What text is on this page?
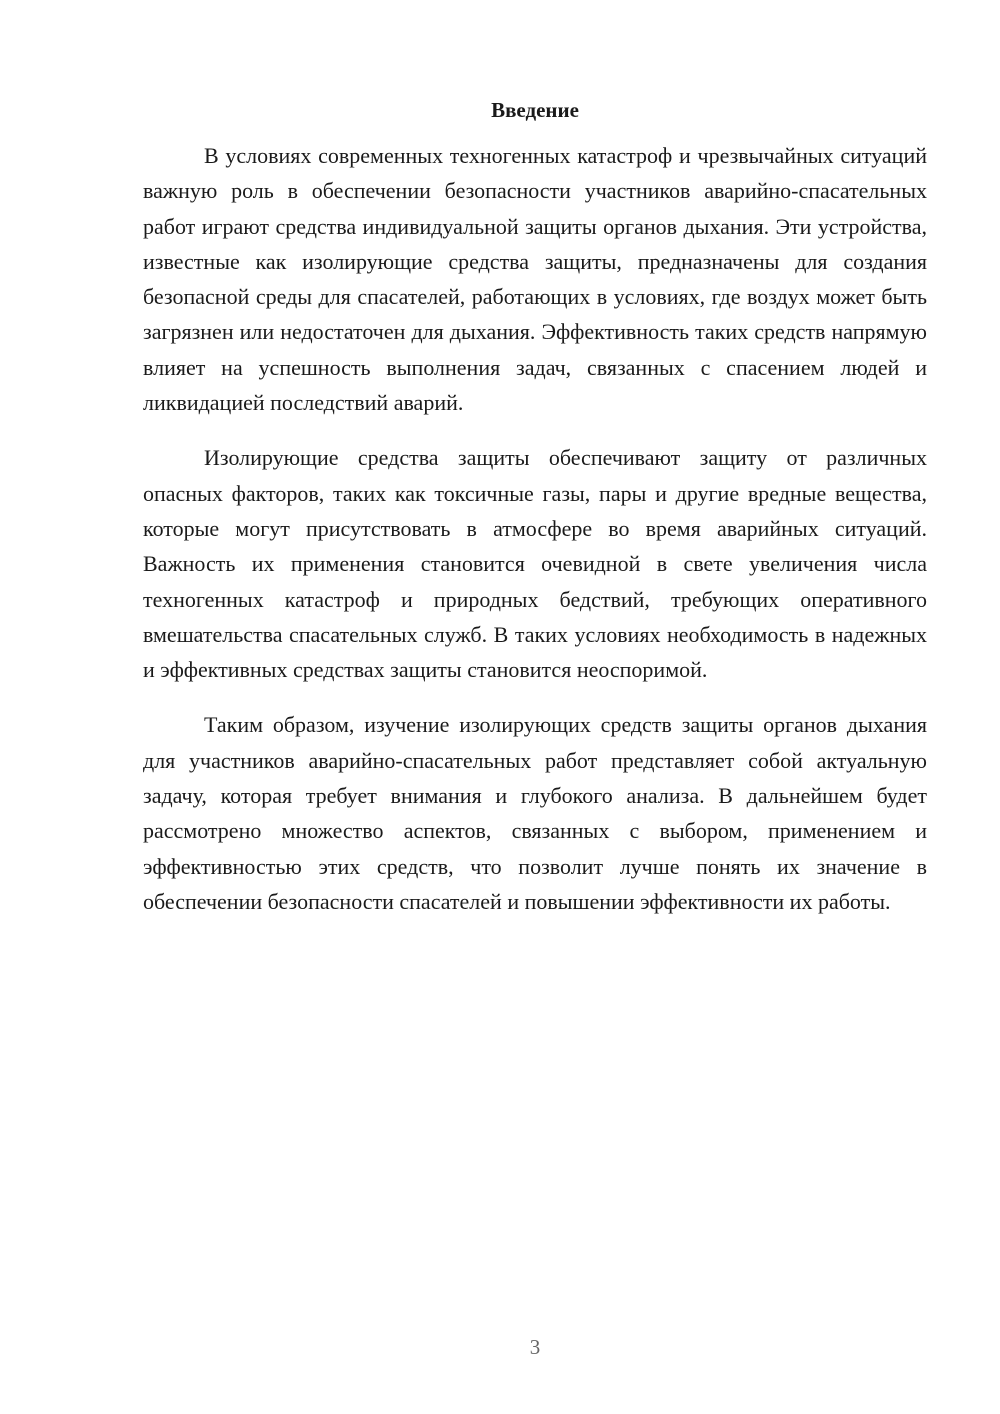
Введение

В условиях современных техногенных катастроф и чрезвычайных ситуаций важную роль в обеспечении безопасности участников аварийно-спасательных работ играют средства индивидуальной защиты органов дыхания. Эти устройства, известные как изолирующие средства защиты, предназначены для создания безопасной среды для спасателей, работающих в условиях, где воздух может быть загрязнен или недостаточен для дыхания. Эффективность таких средств напрямую влияет на успешность выполнения задач, связанных с спасением людей и ликвидацией последствий аварий.

Изолирующие средства защиты обеспечивают защиту от различных опасных факторов, таких как токсичные газы, пары и другие вредные вещества, которые могут присутствовать в атмосфере во время аварийных ситуаций. Важность их применения становится очевидной в свете увеличения числа техногенных катастроф и природных бедствий, требующих оперативного вмешательства спасательных служб. В таких условиях необходимость в надежных и эффективных средствах защиты становится неоспоримой.

Таким образом, изучение изолирующих средств защиты органов дыхания для участников аварийно-спасательных работ представляет собой актуальную задачу, которая требует внимания и глубокого анализа. В дальнейшем будет рассмотрено множество аспектов, связанных с выбором, применением и эффективностью этих средств, что позволит лучше понять их значение в обеспечении безопасности спасателей и повышении эффективности их работы.

3
